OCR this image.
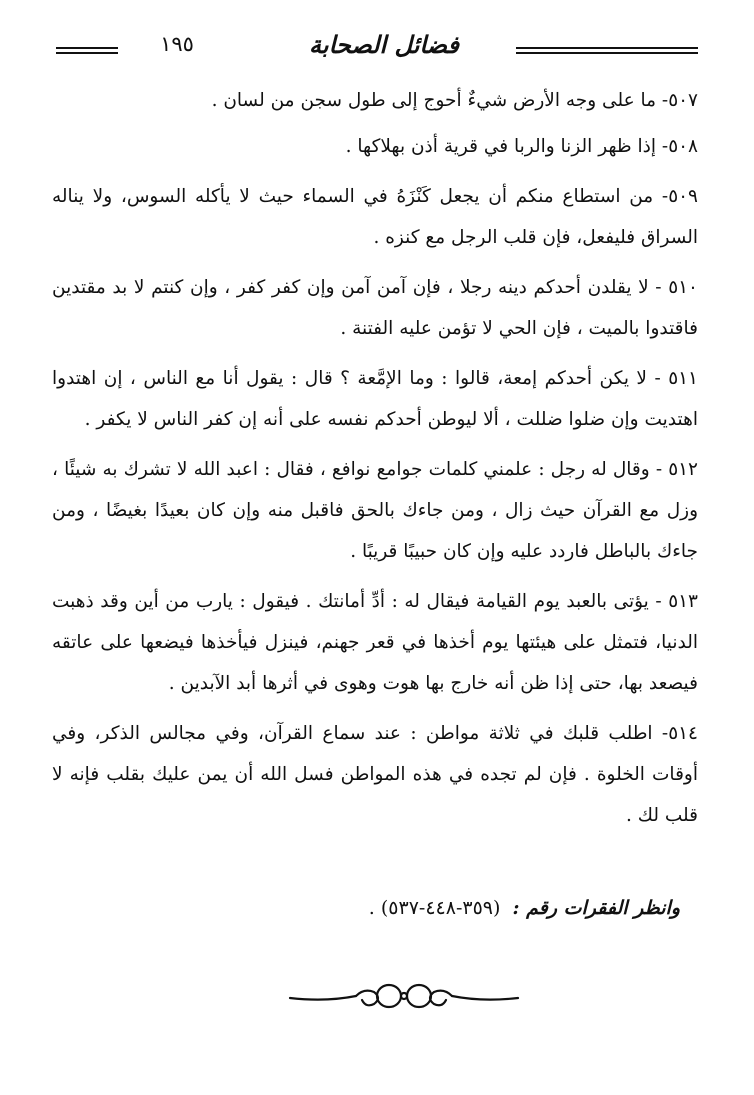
١٩٥	فضائل الصحابة

٥٠٧- ما على وجه الأرض شيءٌ أحوج إلى طول سجن من لسان .

٥٠٨- إذا ظهر الزنا والربا في قرية أذن بهلاكها .

٥٠٩- من استطاع منكم أن يجعل كَنْزَهُ في السماء حيث لا يأكله السوس، ولا يناله السراق فليفعل، فإن قلب الرجل مع كنزه .

٥١٠ - لا يقلدن أحدكم دينه رجلا ، فإن آمن آمن وإن كفر كفر ، وإن كنتم لا بد مقتدين فاقتدوا بالميت ، فإن الحي لا تؤمن عليه الفتنة .

٥١١ - لا يكن أحدكم إمعة، قالوا : وما الإمَّعة ؟ قال : يقول أنا مع الناس ، إن اهتدوا اهتديت وإن ضلوا ضللت ، ألا ليوطن أحدكم نفسه على أنه إن كفر الناس لا يكفر .

٥١٢ - وقال له رجل : علمني كلمات جوامع نوافع ، فقال : اعبد الله لا تشرك به شيئًا ، وزل مع القرآن حيث زال ، ومن جاءك بالحق فاقبل منه وإن كان بعيدًا بغيضًا ، ومن جاءك بالباطل فاردد عليه وإن كان حبيبًا قريبًا .

٥١٣ - يؤتى بالعبد يوم القيامة فيقال له : أدِّ أمانتك . فيقول : يارب من أين وقد ذهبت الدنيا، فتمثل على هيئتها يوم أخذها في قعر جهنم، فينزل فيأخذها فيضعها على عاتقه فيصعد بها، حتى إذا ظن أنه خارج بها هوت وهوى في أثرها أبد الآبدين .

٥١٤- اطلب قلبك في ثلاثة مواطن : عند سماع القرآن، وفي مجالس الذكر، وفي أوقات الخلوة . فإن لم تجده في هذه المواطن فسل الله أن يمن عليك بقلب فإنه لا قلب لك .

وانظر الفقرات رقم : (٣٥٩-٤٤٨-٥٣٧) .
